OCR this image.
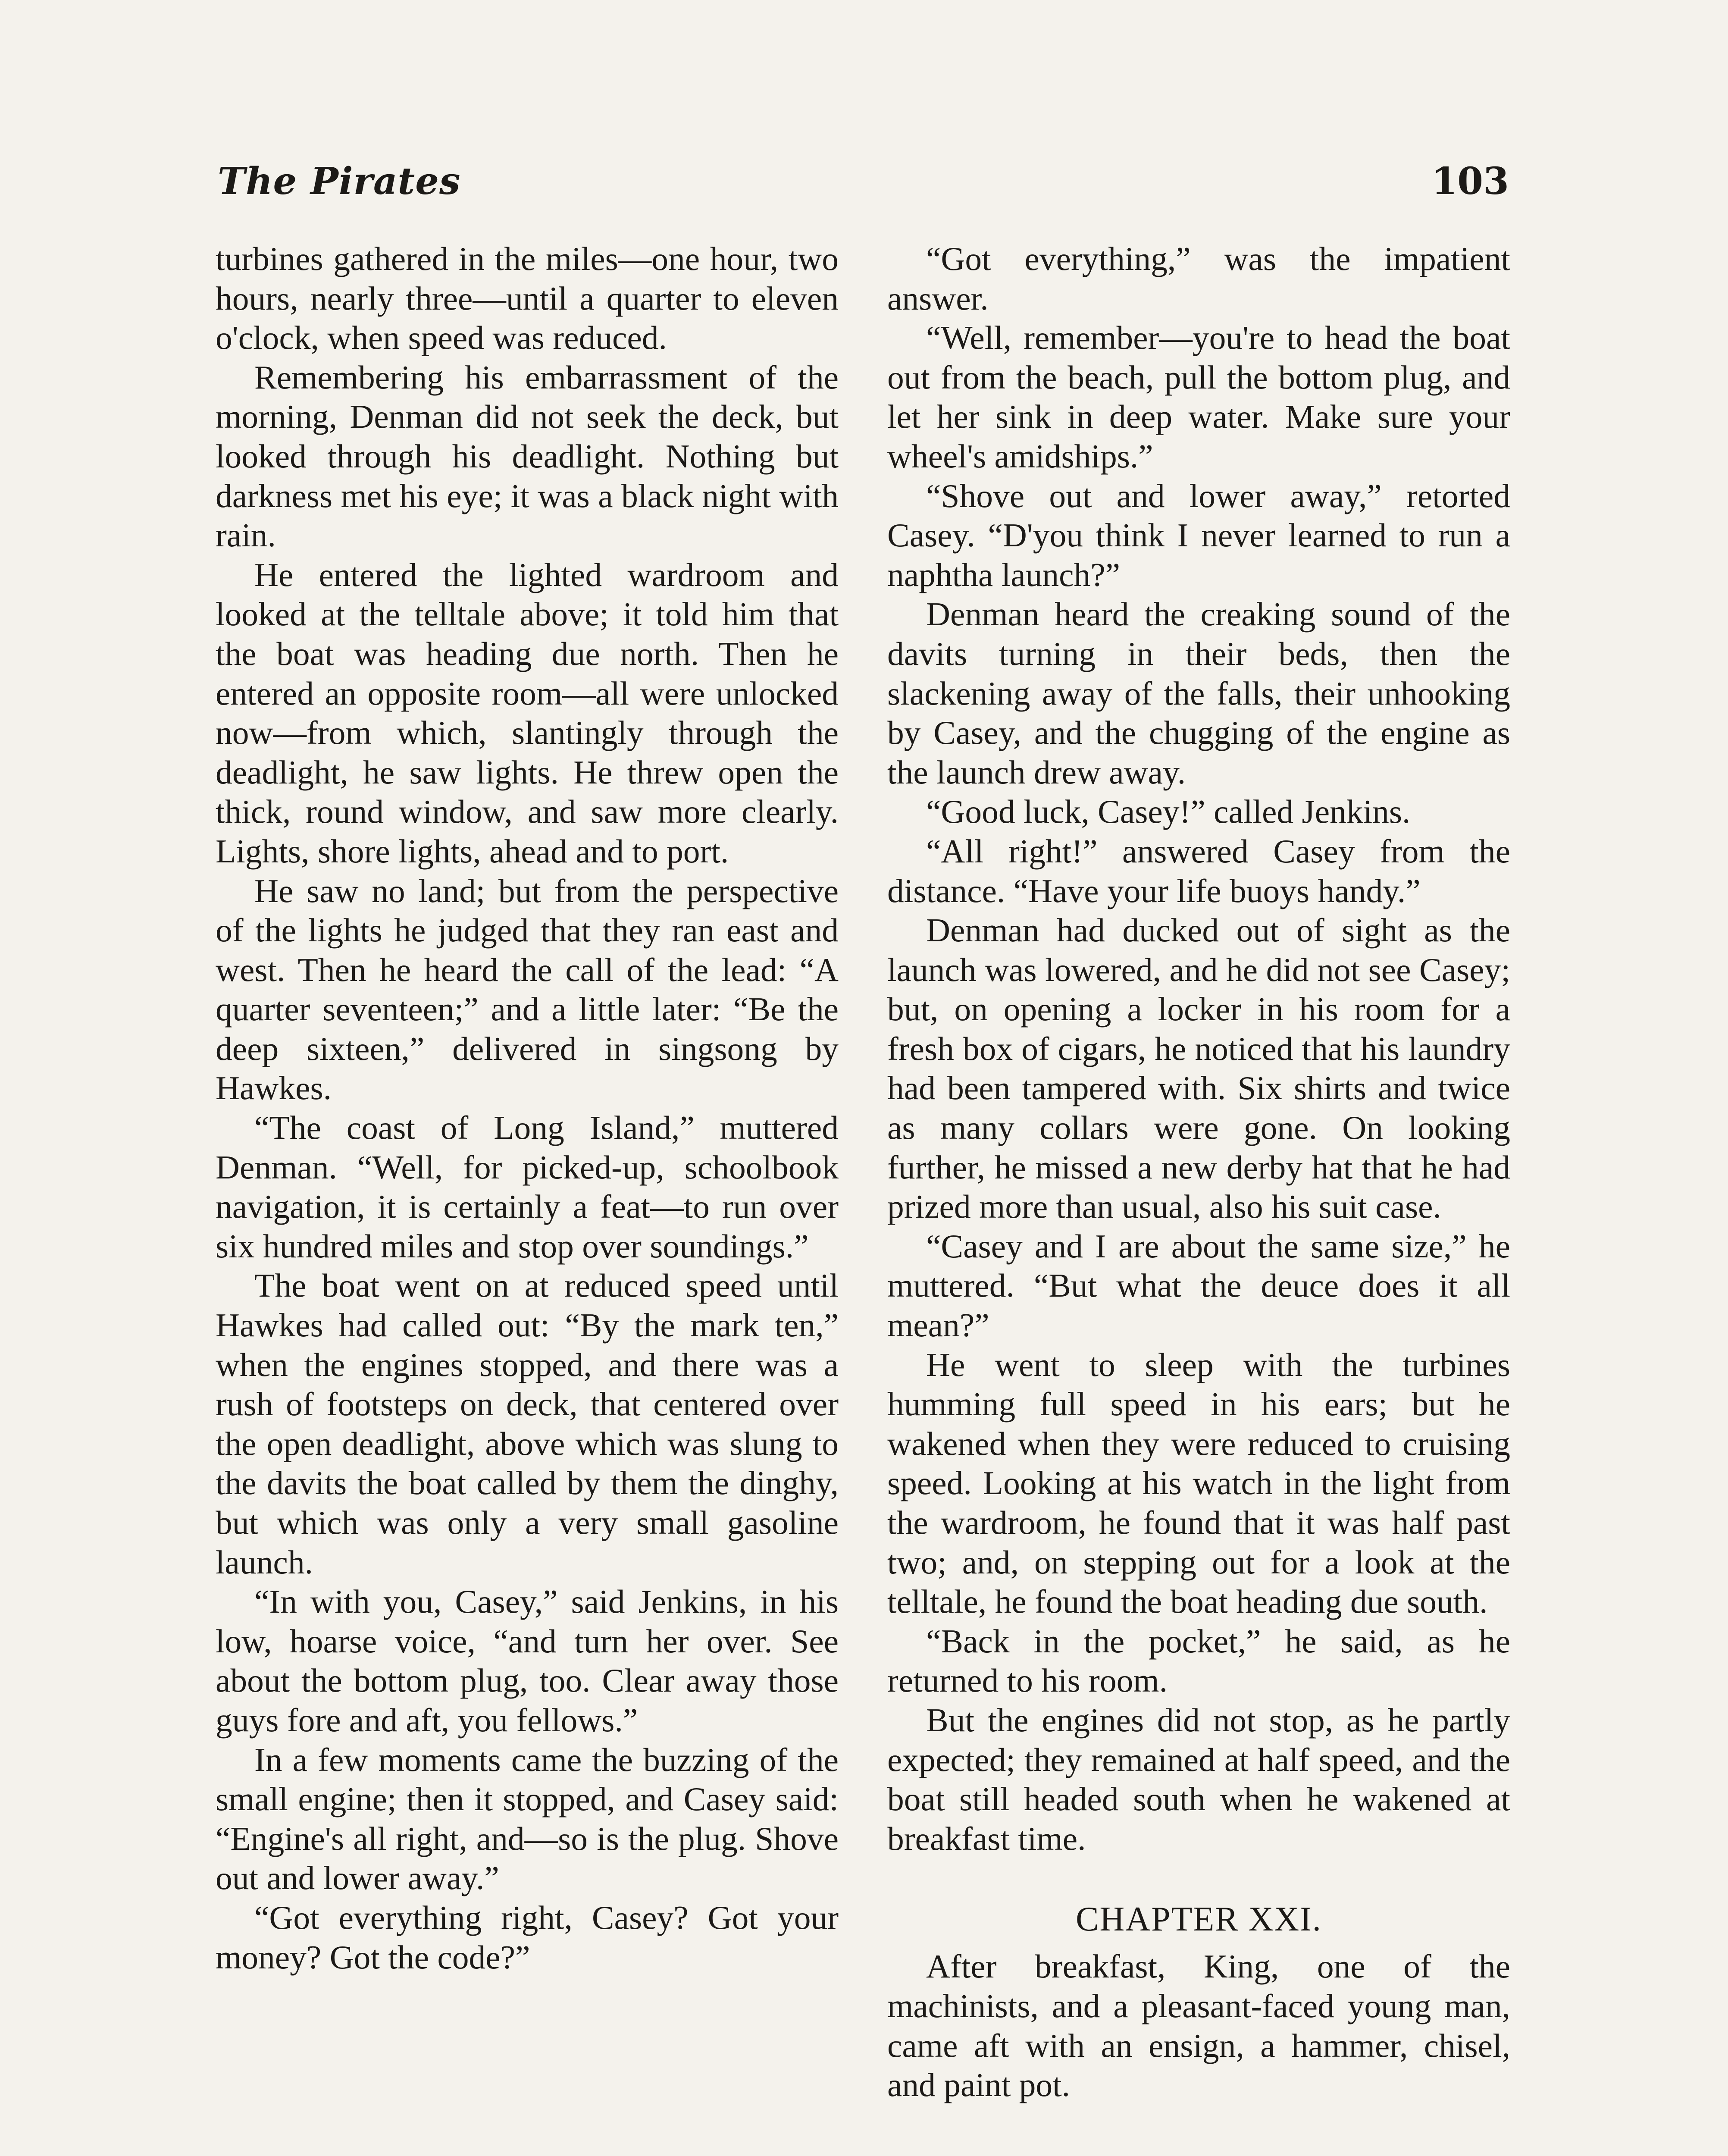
The Pirates	103

turbines gathered in the miles—one hour, two hours, nearly three—until a quarter to eleven o'clock, when speed was reduced.

Remembering his embarrassment of the morning, Denman did not seek the deck, but looked through his deadlight. Nothing but darkness met his eye; it was a black night with rain.

He entered the lighted wardroom and looked at the telltale above; it told him that the boat was heading due north. Then he entered an opposite room—all were unlocked now—from which, slantingly through the deadlight, he saw lights. He threw open the thick, round window, and saw more clearly. Lights, shore lights, ahead and to port.

He saw no land; but from the perspective of the lights he judged that they ran east and west. Then he heard the call of the lead: “A quarter seventeen;” and a little later: “Be the deep sixteen,” delivered in singsong by Hawkes.

“The coast of Long Island,” muttered Denman. “Well, for picked-up, schoolbook navigation, it is certainly a feat—to run over six hundred miles and stop over soundings.”

The boat went on at reduced speed until Hawkes had called out: “By the mark ten,” when the engines stopped, and there was a rush of footsteps on deck, that centered over the open deadlight, above which was slung to the davits the boat called by them the dinghy, but which was only a very small gasoline launch.

“In with you, Casey,” said Jenkins, in his low, hoarse voice, “and turn her over. See about the bottom plug, too. Clear away those guys fore and aft, you fellows.”

In a few moments came the buzzing of the small engine; then it stopped, and Casey said: “Engine's all right, and—so is the plug. Shove out and lower away.”

“Got everything right, Casey? Got your money? Got the code?”

“Got everything,” was the impatient answer.

“Well, remember—you're to head the boat out from the beach, pull the bottom plug, and let her sink in deep water. Make sure your wheel's amidships.”

“Shove out and lower away,” retorted Casey. “D'you think I never learned to run a naphtha launch?”

Denman heard the creaking sound of the davits turning in their beds, then the slackening away of the falls, their unhooking by Casey, and the chugging of the engine as the launch drew away.

“Good luck, Casey!” called Jenkins.

“All right!” answered Casey from the distance. “Have your life buoys handy.”

Denman had ducked out of sight as the launch was lowered, and he did not see Casey; but, on opening a locker in his room for a fresh box of cigars, he noticed that his laundry had been tampered with. Six shirts and twice as many collars were gone. On looking further, he missed a new derby hat that he had prized more than usual, also his suit case.

“Casey and I are about the same size,” he muttered. “But what the deuce does it all mean?”

He went to sleep with the turbines humming full speed in his ears; but he wakened when they were reduced to cruising speed. Looking at his watch in the light from the wardroom, he found that it was half past two; and, on stepping out for a look at the telltale, he found the boat heading due south.

“Back in the pocket,” he said, as he returned to his room.

But the engines did not stop, as he partly expected; they remained at half speed, and the boat still headed south when he wakened at breakfast time.

CHAPTER XXI.

After breakfast, King, one of the machinists, and a pleasant-faced young man, came aft with an ensign, a hammer, chisel, and paint pot.
